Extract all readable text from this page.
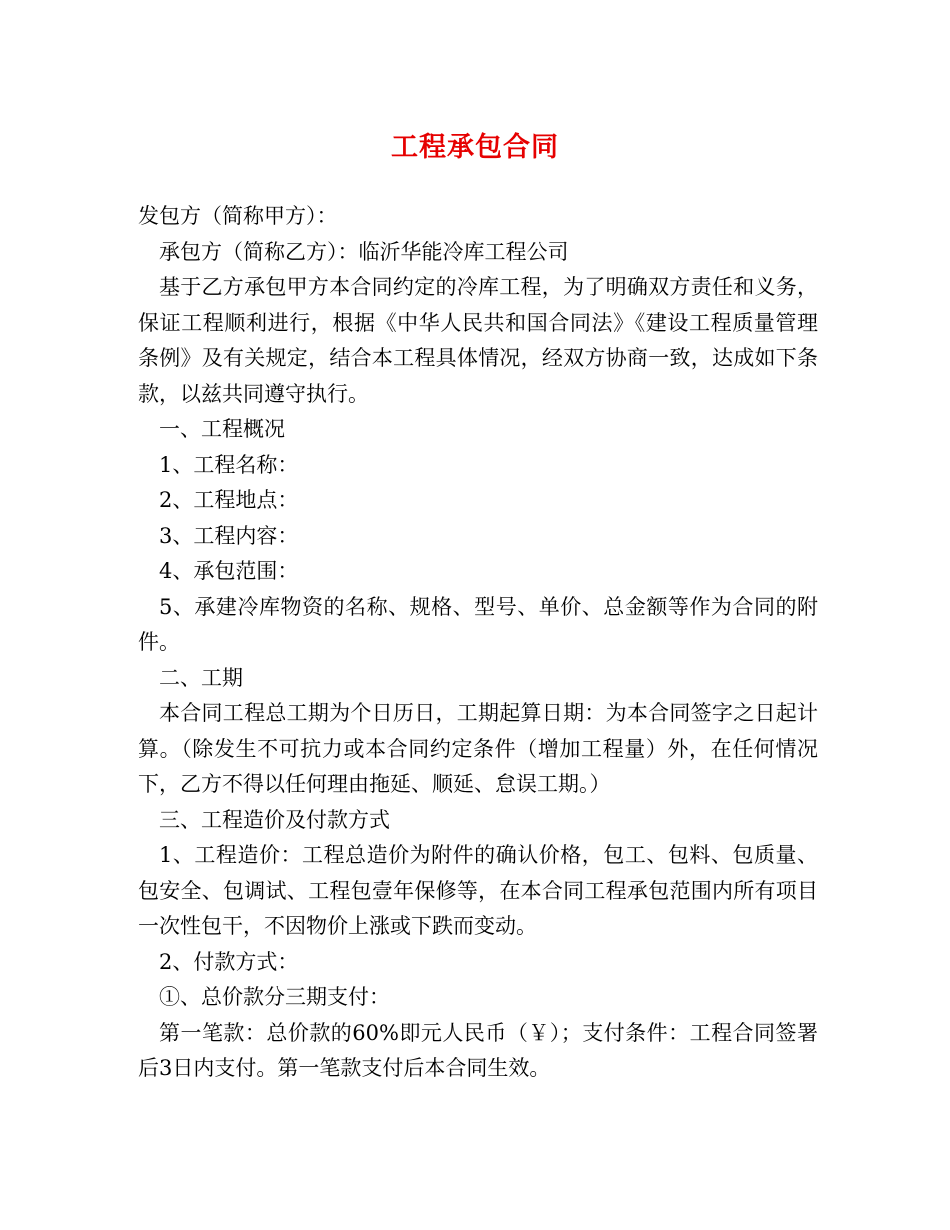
工程承包合同

发包方（简称甲方）：

承包方（简称乙方）：临沂华能冷库工程公司

基于乙方承包甲方本合同约定的冷库工程，为了明确双方责任和义务，保证工程顺利进行，根据《中华人民共和国合同法》《建设工程质量管理条例》及有关规定，结合本工程具体情况，经双方协商一致，达成如下条款，以兹共同遵守执行。

一、工程概况

1、工程名称：

2、工程地点：

3、工程内容：

4、承包范围：

5、承建冷库物资的名称、规格、型号、单价、总金额等作为合同的附件。

二、工期

本合同工程总工期为个日历日，工期起算日期：为本合同签字之日起计算。（除发生不可抗力或本合同约定条件（增加工程量）外，在任何情况下，乙方不得以任何理由拖延、顺延、怠误工期。）

三、工程造价及付款方式

1、工程造价：工程总造价为附件的确认价格，包工、包料、包质量、包安全、包调试、工程包壹年保修等，在本合同工程承包范围内所有项目一次性包干，不因物价上涨或下跌而变动。

2、付款方式：

①、总价款分三期支付：

第一笔款：总价款的60%即元人民币（￥）；支付条件：工程合同签署后3日内支付。第一笔款支付后本合同生效。
